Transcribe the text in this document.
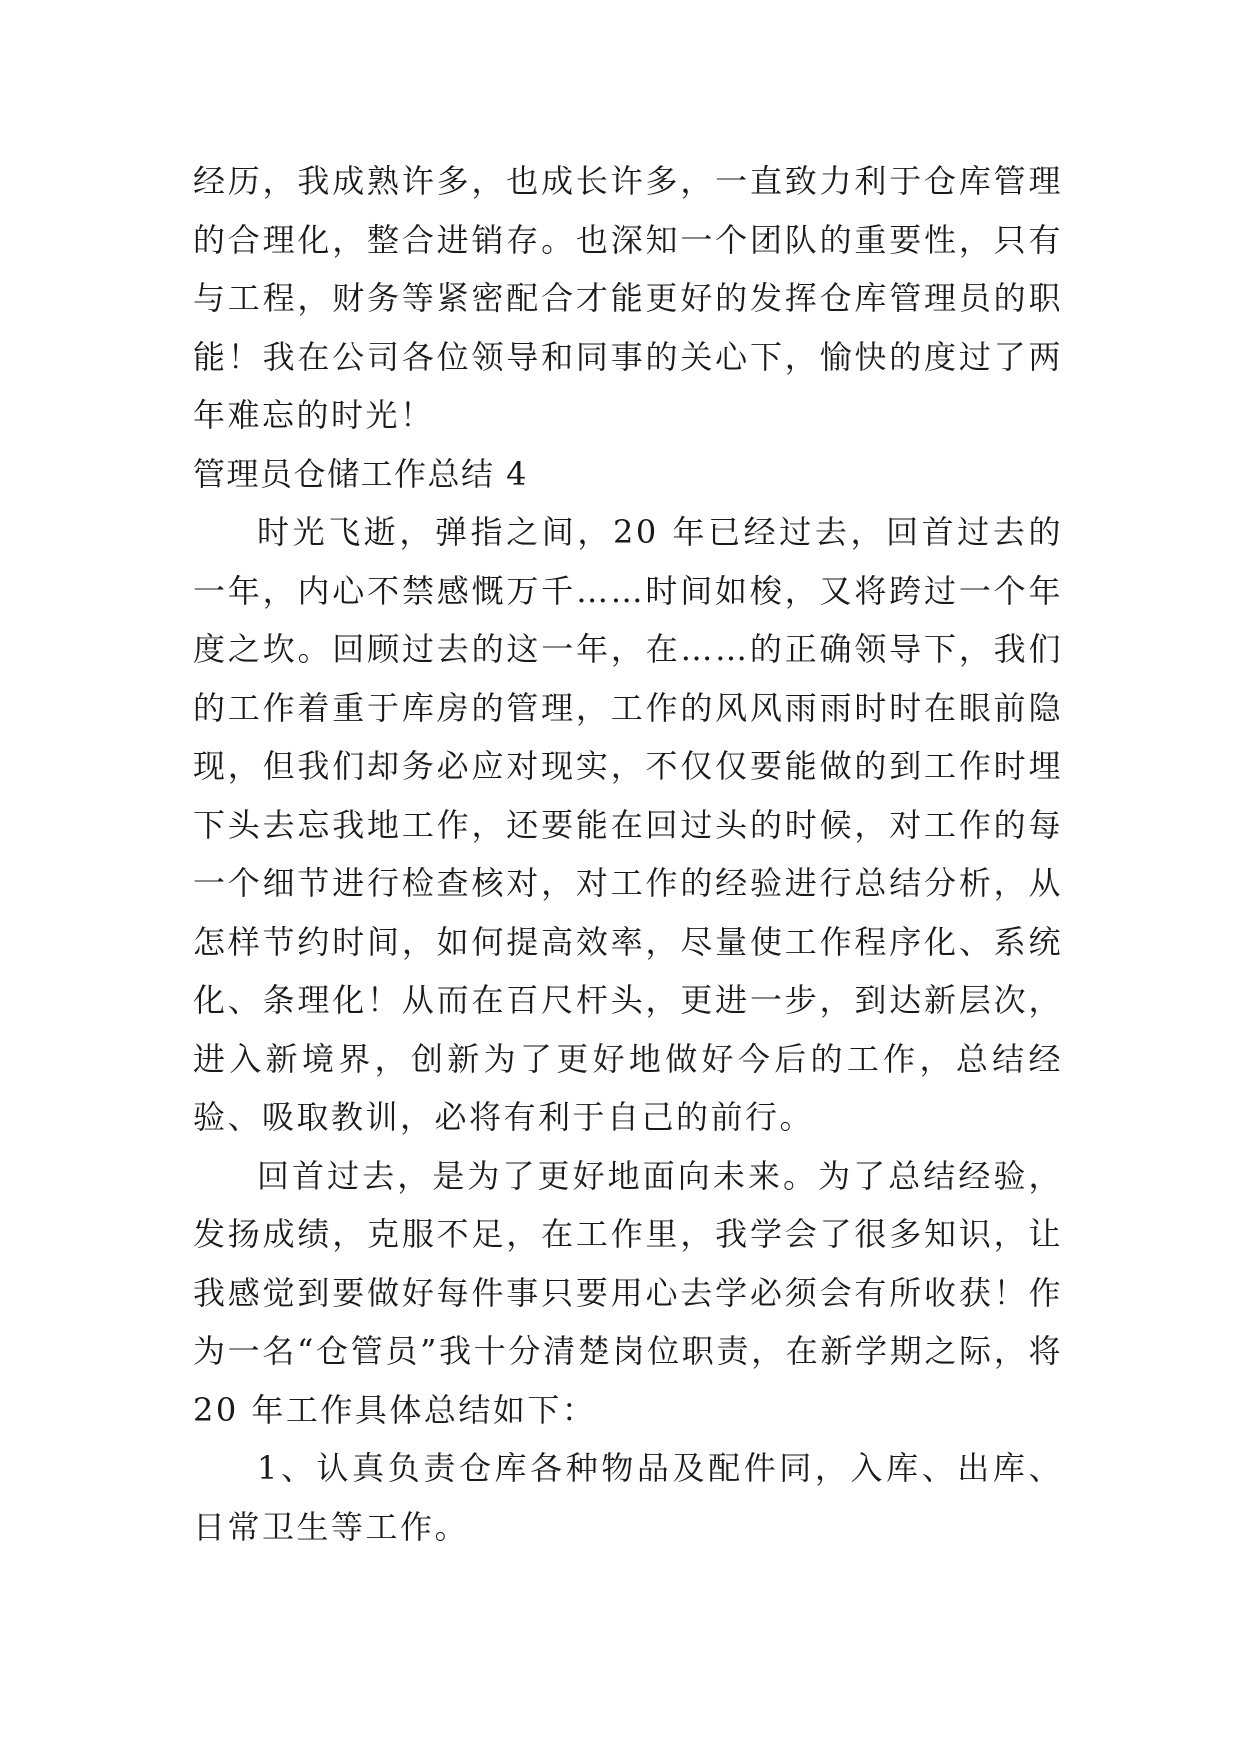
经历，我成熟许多，也成长许多，一直致力利于仓库管理的合理化，整合进销存。也深知一个团队的重要性，只有与工程，财务等紧密配合才能更好的发挥仓库管理员的职能！我在公司各位领导和同事的关心下，愉快的度过了两年难忘的时光！

管理员仓储工作总结 4

时光飞逝，弹指之间，20 年已经过去，回首过去的一年，内心不禁感慨万千……时间如梭，又将跨过一个年度之坎。回顾过去的这一年，在……的正确领导下，我们的工作着重于库房的管理，工作的风风雨雨时时在眼前隐现，但我们却务必应对现实，不仅仅要能做的到工作时埋下头去忘我地工作，还要能在回过头的时候，对工作的每一个细节进行检查核对，对工作的经验进行总结分析，从怎样节约时间，如何提高效率，尽量使工作程序化、系统化、条理化！从而在百尺杆头，更进一步，到达新层次，进入新境界，创新为了更好地做好今后的工作，总结经验、吸取教训，必将有利于自己的前行。

回首过去，是为了更好地面向未来。为了总结经验，发扬成绩，克服不足，在工作里，我学会了很多知识，让我感觉到要做好每件事只要用心去学必须会有所收获！作为一名“仓管员”我十分清楚岗位职责，在新学期之际，将 20 年工作具体总结如下：

1、认真负责仓库各种物品及配件同，入库、出库、日常卫生等工作。
